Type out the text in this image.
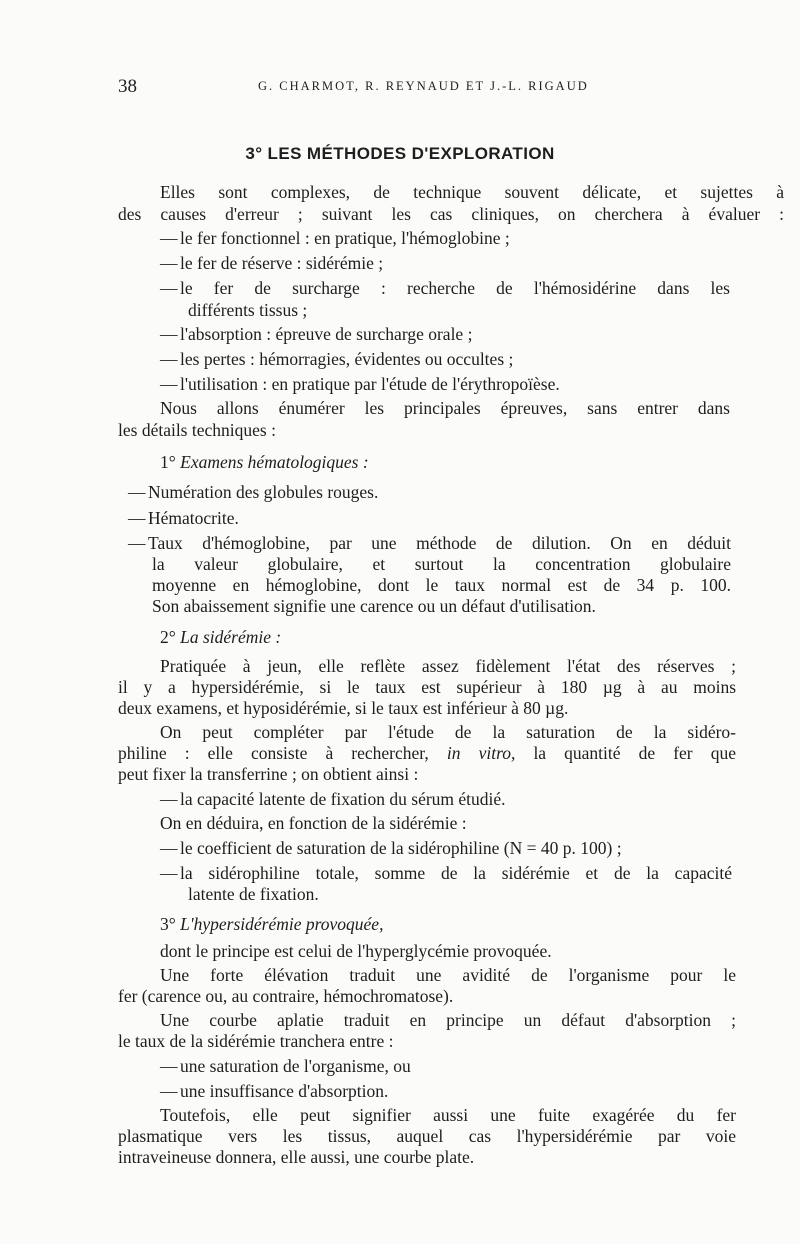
38	G. CHARMOT, R. REYNAUD ET J.-L. RIGAUD
3° LES MÉTHODES D'EXPLORATION
Elles sont complexes, de technique souvent délicate, et sujettes à
des causes d'erreur ; suivant les cas cliniques, on cherchera à évaluer :
— le fer fonctionnel : en pratique, l'hémoglobine ;
— le fer de réserve : sidérémie ;
— le fer de surcharge : recherche de l'hémosidérine dans les
différents tissus ;
— l'absorption : épreuve de surcharge orale ;
— les pertes : hémorragies, évidentes ou occultes ;
— l'utilisation : en pratique par l'étude de l'érythropoïèse.
Nous allons énumérer les principales épreuves, sans entrer dans
les détails techniques :
1° Examens hématologiques :
— Numération des globules rouges.
— Hématocrite.
— Taux d'hémoglobine, par une méthode de dilution. On en déduit
la valeur globulaire, et surtout la concentration globulaire
moyenne en hémoglobine, dont le taux normal est de 34 p. 100.
Son abaissement signifie une carence ou un défaut d'utilisation.
2° La sidérémie :
Pratiquée à jeun, elle reflète assez fidèlement l'état des réserves ;
il y a hypersidérémie, si le taux est supérieur à 180 µg à au moins
deux examens, et hyposidérémie, si le taux est inférieur à 80 µg.
On peut compléter par l'étude de la saturation de la sidéro-
philine : elle consiste à rechercher, in vitro, la quantité de fer que
peut fixer la transferrine ; on obtient ainsi :
— la capacité latente de fixation du sérum étudié.
On en déduira, en fonction de la sidérémie :
— le coefficient de saturation de la sidérophiline (N = 40 p. 100) ;
— la sidérophiline totale, somme de la sidérémie et de la capacité
latente de fixation.
3° L'hypersidérémie provoquée,
dont le principe est celui de l'hyperglycémie provoquée.
Une forte élévation traduit une avidité de l'organisme pour le
fer (carence ou, au contraire, hémochromatose).
Une courbe aplatie traduit en principe un défaut d'absorption ;
le taux de la sidérémie tranchera entre :
— une saturation de l'organisme, ou
— une insuffisance d'absorption.
Toutefois, elle peut signifier aussi une fuite exagérée du fer
plasmatique vers les tissus, auquel cas l'hypersidérémie par voie
intraveineuse donnera, elle aussi, une courbe plate.
